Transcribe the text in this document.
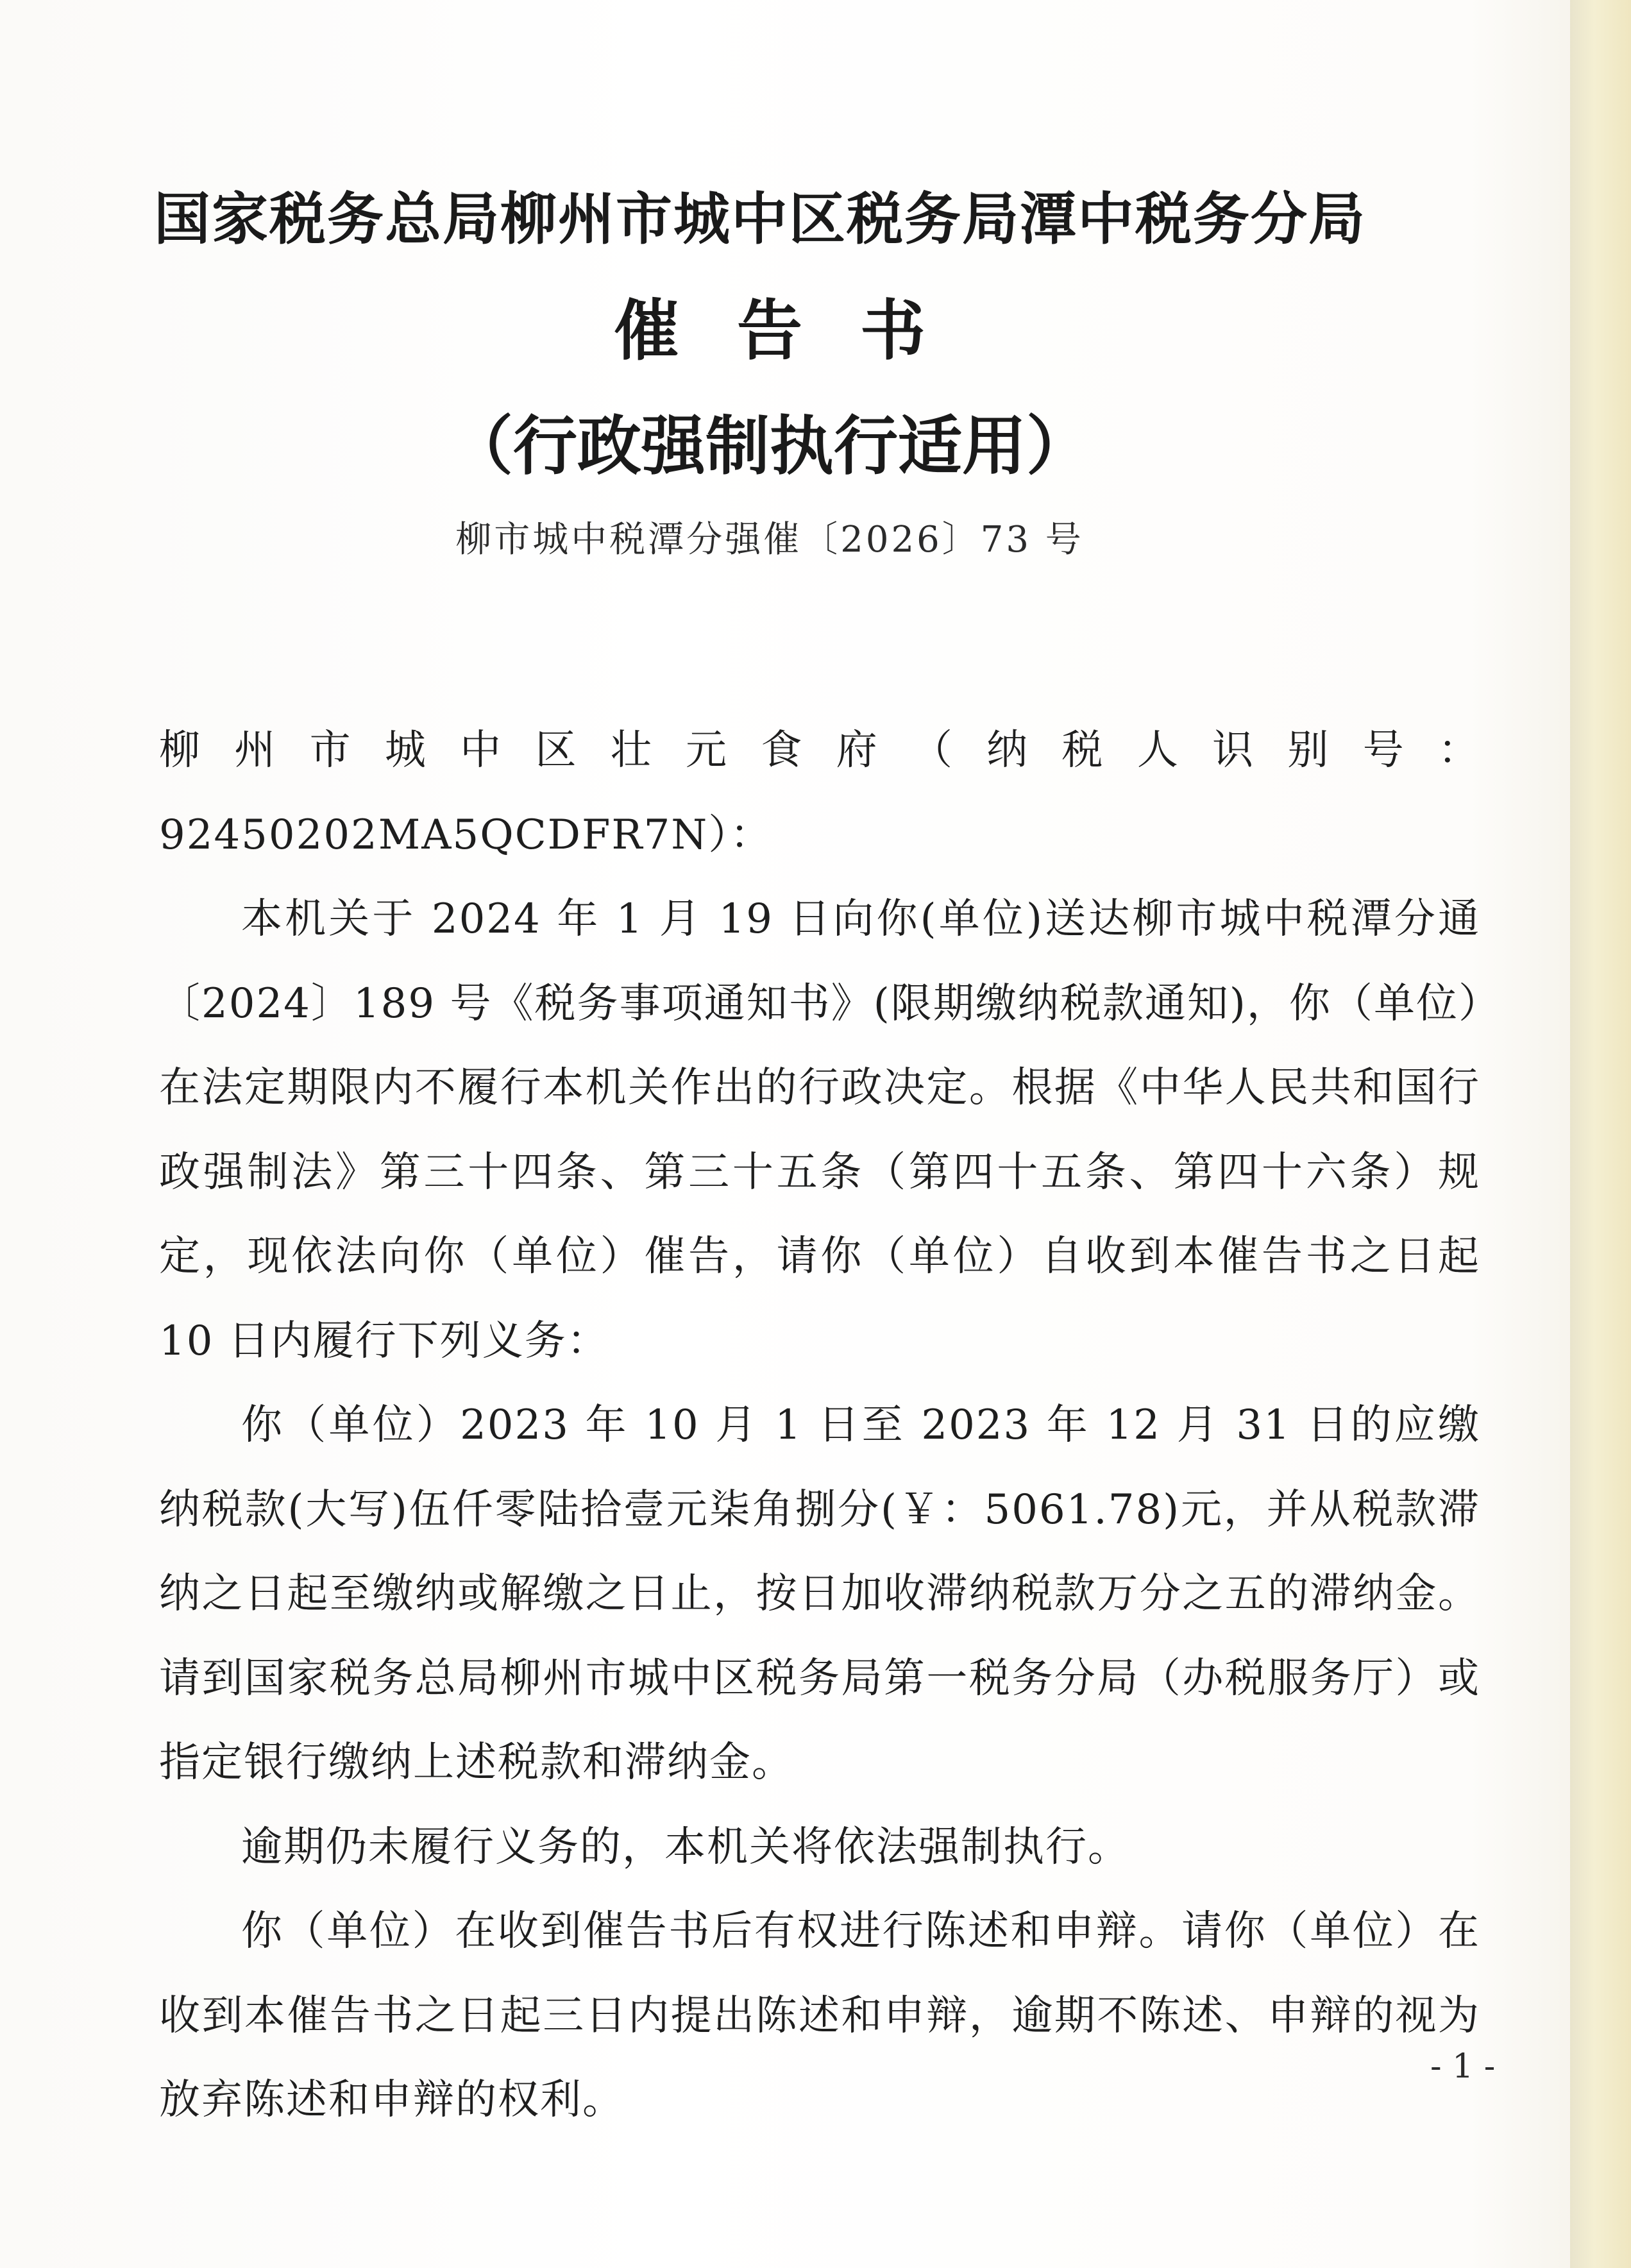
国家税务总局柳州市城中区税务局潭中税务分局
催告书
（行政强制执行适用）
柳市城中税潭分强催〔2026〕73 号

柳州市城中区壮元食府（纳税人识别号：92450202MA5QCDFR7N）：

本机关于 2024 年 1 月 19 日向你(单位)送达柳市城中税潭分通〔2024〕189 号《税务事项通知书》(限期缴纳税款通知)，你（单位）在法定期限内不履行本机关作出的行政决定。根据《中华人民共和国行政强制法》第三十四条、第三十五条（第四十五条、第四十六条）规定，现依法向你（单位）催告，请你（单位）自收到本催告书之日起 10 日内履行下列义务：

你（单位）2023 年 10 月 1 日至 2023 年 12 月 31 日的应缴纳税款(大写)伍仟零陆拾壹元柒角捌分(￥：5061.78)元，并从税款滞纳之日起至缴纳或解缴之日止，按日加收滞纳税款万分之五的滞纳金。请到国家税务总局柳州市城中区税务局第一税务分局（办税服务厅）或指定银行缴纳上述税款和滞纳金。

逾期仍未履行义务的，本机关将依法强制执行。

你（单位）在收到催告书后有权进行陈述和申辩。请你（单位）在收到本催告书之日起三日内提出陈述和申辩，逾期不陈述、申辩的视为放弃陈述和申辩的权利。

- 1 -
